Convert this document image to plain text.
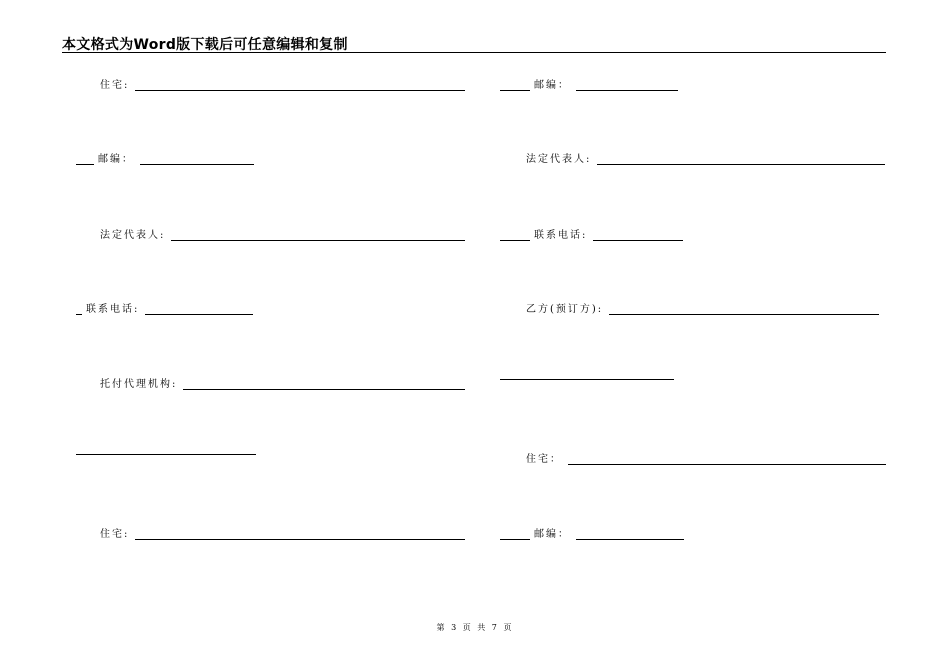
本文格式为Word版下载后可任意编辑和复制
住宅:
邮编：
法定代表人:
联系电话:
托付代理机构:
住宅:
邮编：
法定代表人:
联系电话:
乙方(预订方):
住宅：
邮编：
第 3 页 共 7 页
